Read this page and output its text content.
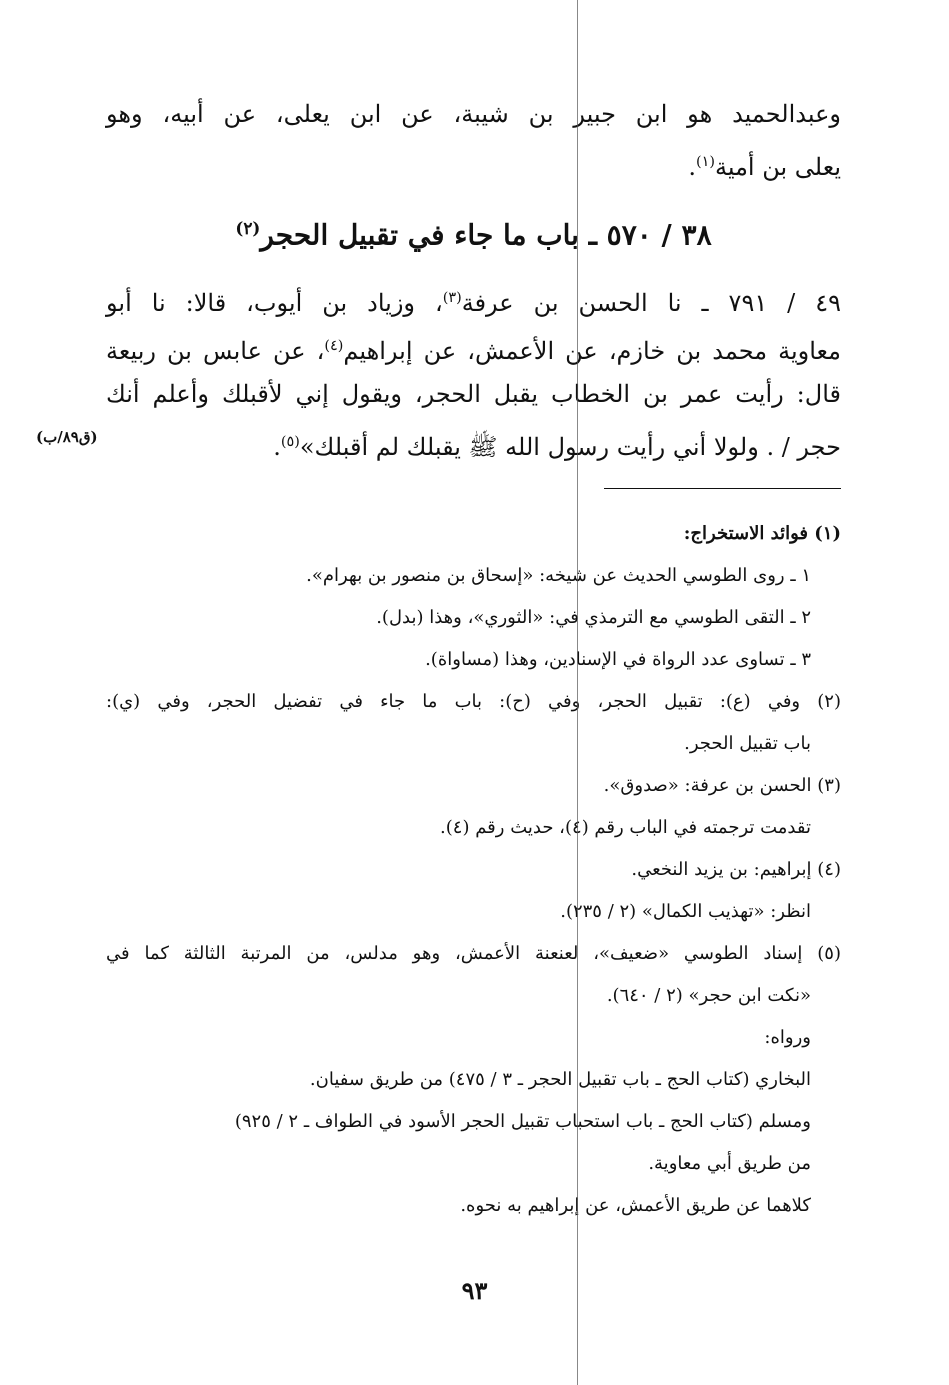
وعبدالحميد هو ابن جبير بن شيبة، عن ابن يعلى، عن أبيه، وهو
يعلى بن أمية$^{(١)}$.
٣٨ / ٥٧٠ ـ باب ما جاء في تقبيل الحجر$^{(٢)}$
٤٩ / ٧٩١ ـ نا الحسن بن عرفة$^{(٣)}$، وزياد بن أيوب، قالا: نا أبو
معاوية محمد بن خازم، عن الأعمش، عن إبراهيم$^{(٤)}$، عن عابس بن ربيعة
قال: رأيت عمر بن الخطاب يقبل الحجر، ويقول إني لأقبلك وأعلم أنك
حجر / . ولولا أني رأيت رسول الله ﷺ يقبلك لم أقبلك»$^{(٥)}$.
(ق٨٩/ب)
(١) فوائد الاستخراج:
١ ـ روى الطوسي الحديث عن شيخه: «إسحاق بن منصور بن بهرام».
٢ ـ التقى الطوسي مع الترمذي في: «الثوري»، وهذا (بدل).
٣ ـ تساوى عدد الرواة في الإسنادين، وهذا (مساواة).
(٢) وفي (ع): تقبيل الحجر، وفي (ح): باب ما جاء في تفضيل الحجر، وفي (ي):
باب تقبيل الحجر.
(٣) الحسن بن عرفة: «صدوق».
تقدمت ترجمته في الباب رقم (٤)، حديث رقم (٤).
(٤) إبراهيم: بن يزيد النخعي.
انظر: «تهذيب الكمال» (٢ / ٢٣٥).
(٥) إسناد الطوسي «ضعيف»، لعنعنة الأعمش، وهو مدلس، من المرتبة الثالثة كما في
«نكت ابن حجر» (٢ / ٦٤٠).
ورواه:
البخاري (كتاب الحج ـ باب تقبيل الحجر ـ ٣ / ٤٧٥) من طريق سفيان.
ومسلم (كتاب الحج ـ باب استحباب تقبيل الحجر الأسود في الطواف ـ ٢ / ٩٢٥)
من طريق أبي معاوية.
كلاهما عن طريق الأعمش، عن إبراهيم به نحوه.
٩٣
